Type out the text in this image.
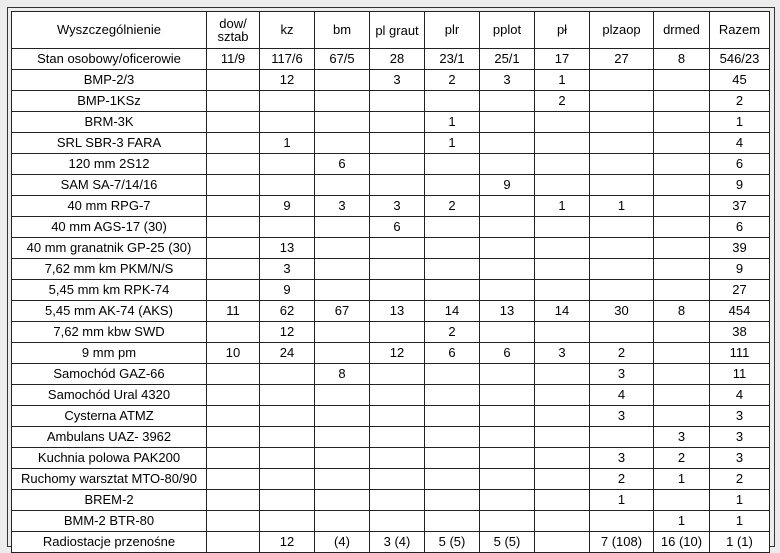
Wyszczególnienie	dow/ sztab	kz	bm	pl graut	plr	pplot	pł	plzaop	drmed	Razem
Stan osobowy/oficerowie	11/9	117/6	67/5	28	23/1	25/1	17	27	8	546/23
BMP-2/3		12		3	2	3	1			45
BMP-1KSz							2			2
BRM-3K					1					1
SRL SBR-3 FARA		1			1					4
120 mm 2S12			6							6
SAM SA-7/14/16						9				9
40 mm RPG-7		9	3	3	2		1	1		37
40 mm AGS-17 (30)				6						6
40 mm granatnik GP-25 (30)		13								39
7,62 mm km PKM/N/S		3								9
5,45 mm km RPK-74		9								27
5,45 mm AK-74 (AKS)	11	62	67	13	14	13	14	30	8	454
7,62 mm kbw SWD		12			2					38
9 mm pm	10	24		12	6	6	3	2		111
Samochód GAZ-66			8					3		11
Samochód Ural 4320								4		4
Cysterna ATMZ								3		3
Ambulans UAZ- 3962									3	3
Kuchnia polowa PAK200								3	2	3
Ruchomy warsztat MTO-80/90								2	1	2
BREM-2								1		1
BMM-2 BTR-80									1	1
Radiostacje przenośne		12	(4)	3 (4)	5 (5)	5 (5)		7 (108)	16 (10)	1 (1)
